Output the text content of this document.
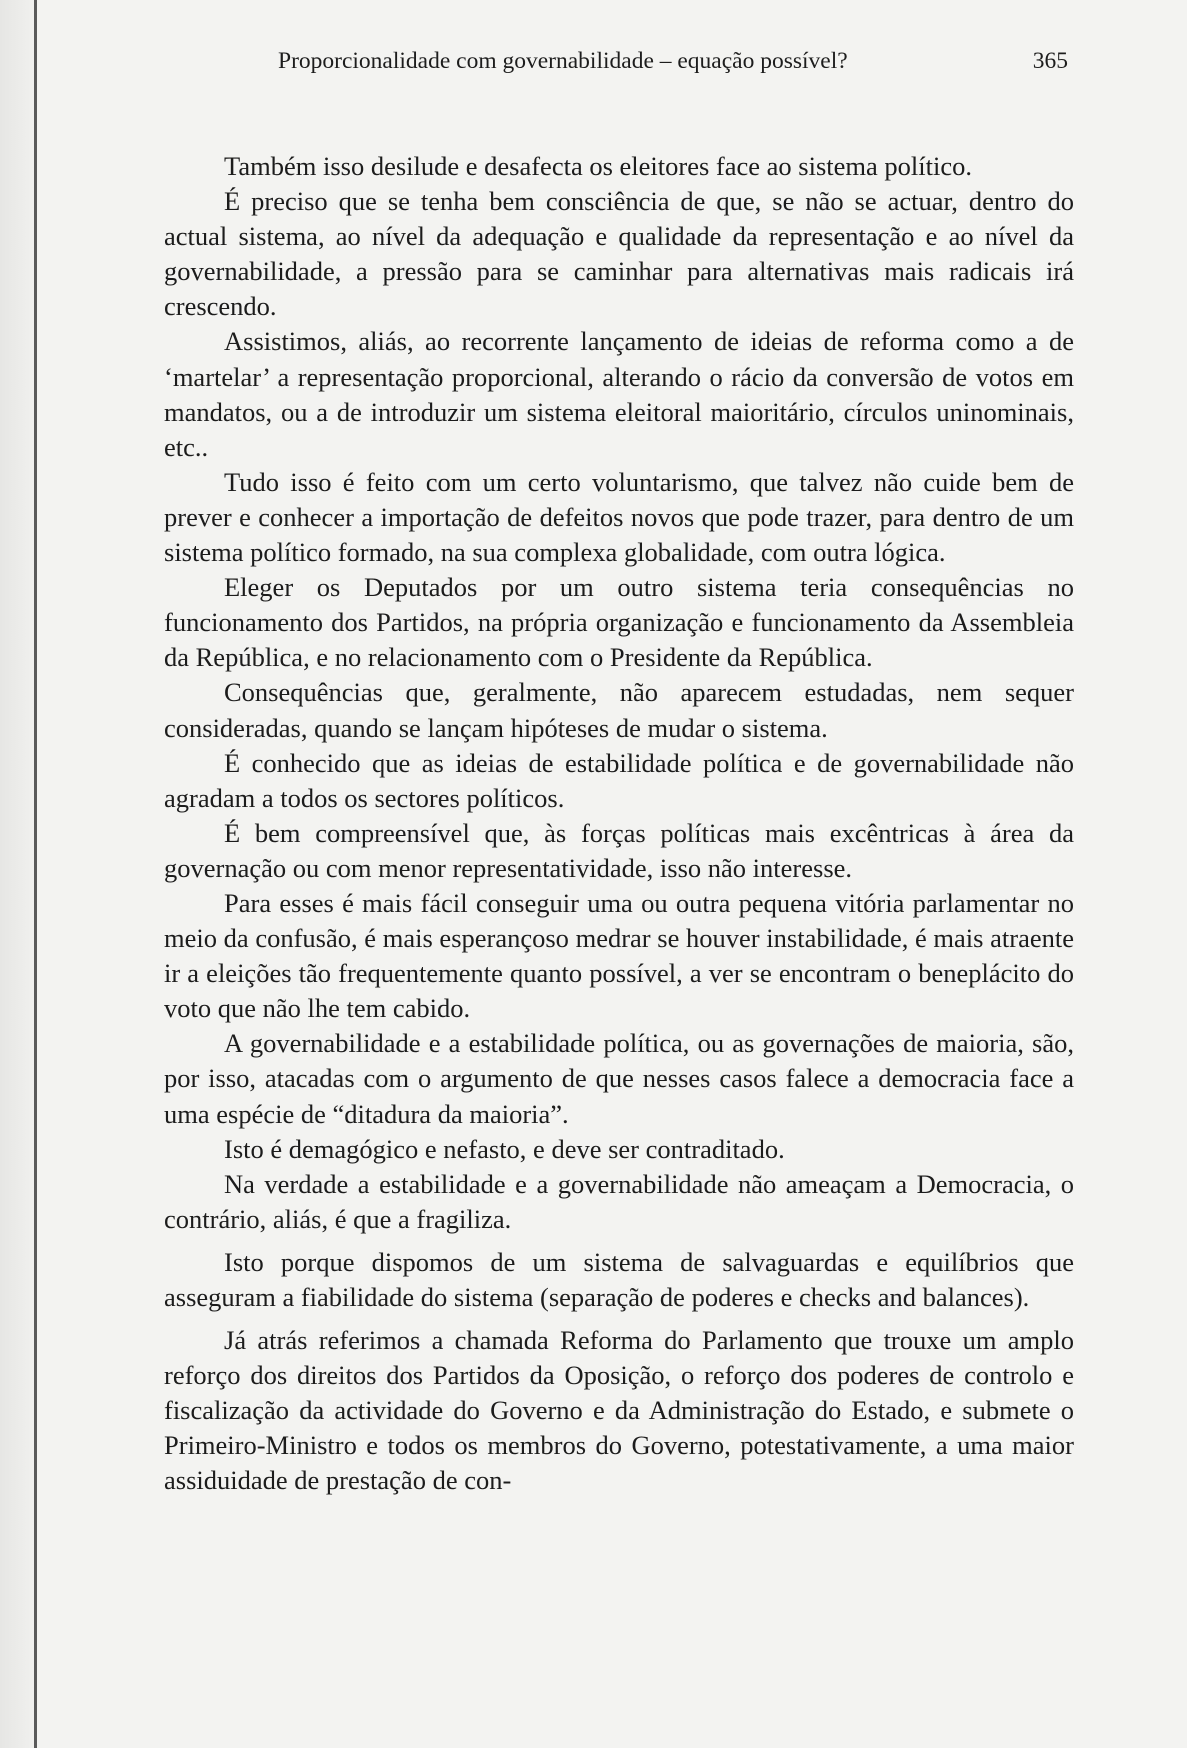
Proporcionalidade com governabilidade – equação possível?	365

Também isso desilude e desafecta os eleitores face ao sistema político.

É preciso que se tenha bem consciência de que, se não se actuar, dentro do actual sistema, ao nível da adequação e qualidade da representação e ao nível da governabilidade, a pressão para se caminhar para alternativas mais radicais irá crescendo.

Assistimos, aliás, ao recorrente lançamento de ideias de reforma como a de ‘martelar’ a representação proporcional, alterando o rácio da conversão de votos em mandatos, ou a de introduzir um sistema eleitoral maioritário, círculos uninominais, etc..

Tudo isso é feito com um certo voluntarismo, que talvez não cuide bem de prever e conhecer a importação de defeitos novos que pode trazer, para dentro de um sistema político formado, na sua complexa globalidade, com outra lógica.

Eleger os Deputados por um outro sistema teria consequências no funcionamento dos Partidos, na própria organização e funcionamento da Assembleia da República, e no relacionamento com o Presidente da República.

Consequências que, geralmente, não aparecem estudadas, nem sequer consideradas, quando se lançam hipóteses de mudar o sistema.

É conhecido que as ideias de estabilidade política e de governabilidade não agradam a todos os sectores políticos.

É bem compreensível que, às forças políticas mais excêntricas à área da governação ou com menor representatividade, isso não interesse.

Para esses é mais fácil conseguir uma ou outra pequena vitória parlamentar no meio da confusão, é mais esperançoso medrar se houver instabilidade, é mais atraente ir a eleições tão frequentemente quanto possível, a ver se encontram o beneplácito do voto que não lhe tem cabido.

A governabilidade e a estabilidade política, ou as governações de maioria, são, por isso, atacadas com o argumento de que nesses casos falece a democracia face a uma espécie de “ditadura da maioria”.

Isto é demagógico e nefasto, e deve ser contraditado.

Na verdade a estabilidade e a governabilidade não ameaçam a Democracia, o contrário, aliás, é que a fragiliza.

Isto porque dispomos de um sistema de salvaguardas e equilíbrios que asseguram a fiabilidade do sistema (separação de poderes e checks and balances).

Já atrás referimos a chamada Reforma do Parlamento que trouxe um amplo reforço dos direitos dos Partidos da Oposição, o reforço dos poderes de controlo e fiscalização da actividade do Governo e da Administração do Estado, e submete o Primeiro-Ministro e todos os membros do Governo, potestativamente, a uma maior assiduidade de prestação de con-
